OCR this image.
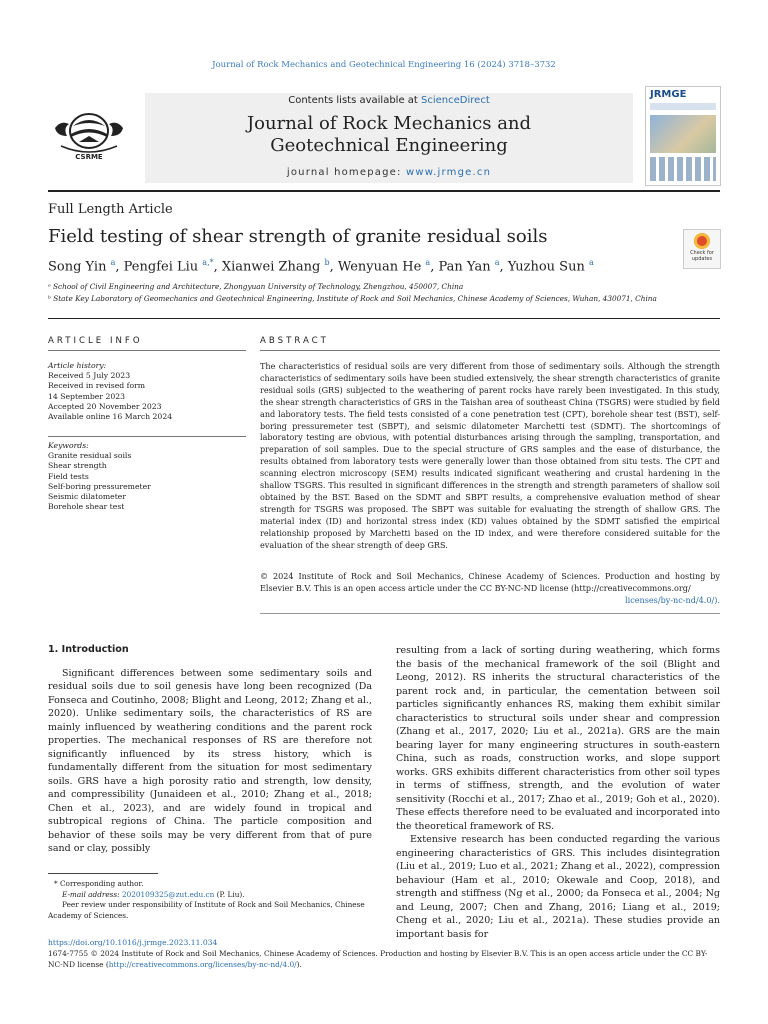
Journal of Rock Mechanics and Geotechnical Engineering 16 (2024) 3718–3732
CSRME
Contents lists available at ScienceDirect
Journal of Rock Mechanics and
Geotechnical Engineering
journal homepage: www.jrmge.cn
JRMGE
Full Length Article
Field testing of shear strength of granite residual soils
Check for updates
Song Yin $^a$, Pengfei Liu $^{a,*}$, Xianwei Zhang $^b$, Wenyuan He $^a$, Pan Yan $^a$, Yuzhou Sun $^a$
ᵃ School of Civil Engineering and Architecture, Zhongyuan University of Technology, Zhengzhou, 450007, China
ᵇ State Key Laboratory of Geomechanics and Geotechnical Engineering, Institute of Rock and Soil Mechanics, Chinese Academy of Sciences, Wuhan, 430071, China
ARTICLE INFO
Article history:
Received 5 July 2023
Received in revised form
14 September 2023
Accepted 20 November 2023
Available online 16 March 2024
Keywords:
Granite residual soils
Shear strength
Field tests
Self-boring pressuremeter
Seismic dilatometer
Borehole shear test
ABSTRACT
The characteristics of residual soils are very different from those of sedimentary soils. Although the strength characteristics of sedimentary soils have been studied extensively, the shear strength characteristics of granite residual soils (GRS) subjected to the weathering of parent rocks have rarely been investigated. In this study, the shear strength characteristics of GRS in the Taishan area of southeast China (TSGRS) were studied by field and laboratory tests. The field tests consisted of a cone penetration test (CPT), borehole shear test (BST), self-boring pressuremeter test (SBPT), and seismic dilatometer Marchetti test (SDMT). The shortcomings of laboratory testing are obvious, with potential disturbances arising through the sampling, transportation, and preparation of soil samples. Due to the special structure of GRS samples and the ease of disturbance, the results obtained from laboratory tests were generally lower than those obtained from situ tests. The CPT and scanning electron microscopy (SEM) results indicated significant weathering and crustal hardening in the shallow TSGRS. This resulted in significant differences in the strength and strength parameters of shallow soil obtained by the BST. Based on the SDMT and SBPT results, a comprehensive evaluation method of shear strength for TSGRS was proposed. The SBPT was suitable for evaluating the strength of shallow GRS. The material index (ID) and horizontal stress index (KD) values obtained by the SDMT satisfied the empirical relationship proposed by Marchetti based on the ID index, and were therefore considered suitable for the evaluation of the shear strength of deep GRS.
© 2024 Institute of Rock and Soil Mechanics, Chinese Academy of Sciences. Production and hosting by Elsevier B.V. This is an open access article under the CC BY-NC-ND license (http://creativecommons.org/
licenses/by-nc-nd/4.0/).

1. Introduction

Significant differences between some sedimentary soils and residual soils due to soil genesis have long been recognized (Da Fonseca and Coutinho, 2008; Blight and Leong, 2012; Zhang et al., 2020). Unlike sedimentary soils, the characteristics of RS are mainly influenced by weathering conditions and the parent rock properties. The mechanical responses of RS are therefore not significantly influenced by its stress history, which is fundamentally different from the situation for most sedimentary soils. GRS have a high porosity ratio and strength, low density, and compressibility (Junaideen et al., 2010; Zhang et al., 2018; Chen et al., 2023), and are widely found in tropical and subtropical regions of China. The particle composition and behavior of these soils may be very different from that of pure sand or clay, possibly

resulting from a lack of sorting during weathering, which forms the basis of the mechanical framework of the soil (Blight and Leong, 2012). RS inherits the structural characteristics of the parent rock and, in particular, the cementation between soil particles significantly enhances RS, making them exhibit similar characteristics to structural soils under shear and compression (Zhang et al., 2017, 2020; Liu et al., 2021a). GRS are the main bearing layer for many engineering structures in south-eastern China, such as roads, construction works, and slope support works. GRS exhibits different characteristics from other soil types in terms of stiffness, strength, and the evolution of water sensitivity (Rocchi et al., 2017; Zhao et al., 2019; Goh et al., 2020). These effects therefore need to be evaluated and incorporated into the theoretical framework of RS.

Extensive research has been conducted regarding the various engineering characteristics of GRS. This includes disintegration (Liu et al., 2019; Luo et al., 2021; Zhang et al., 2022), compression behaviour (Ham et al., 2010; Okewale and Coop, 2018), and strength and stiffness (Ng et al., 2000; da Fonseca et al., 2004; Ng and Leung, 2007; Chen and Zhang, 2016; Liang et al., 2019; Cheng et al., 2020; Liu et al., 2021a). These studies provide an important basis for

* Corresponding author.
E-mail address: 2020109325@zut.edu.cn (P. Liu).
Peer review under responsibility of Institute of Rock and Soil Mechanics, Chinese Academy of Sciences.
https://doi.org/10.1016/j.jrmge.2023.11.034
1674-7755 © 2024 Institute of Rock and Soil Mechanics, Chinese Academy of Sciences. Production and hosting by Elsevier B.V. This is an open access article under the CC BY-NC-ND license (http://creativecommons.org/licenses/by-nc-nd/4.0/).
